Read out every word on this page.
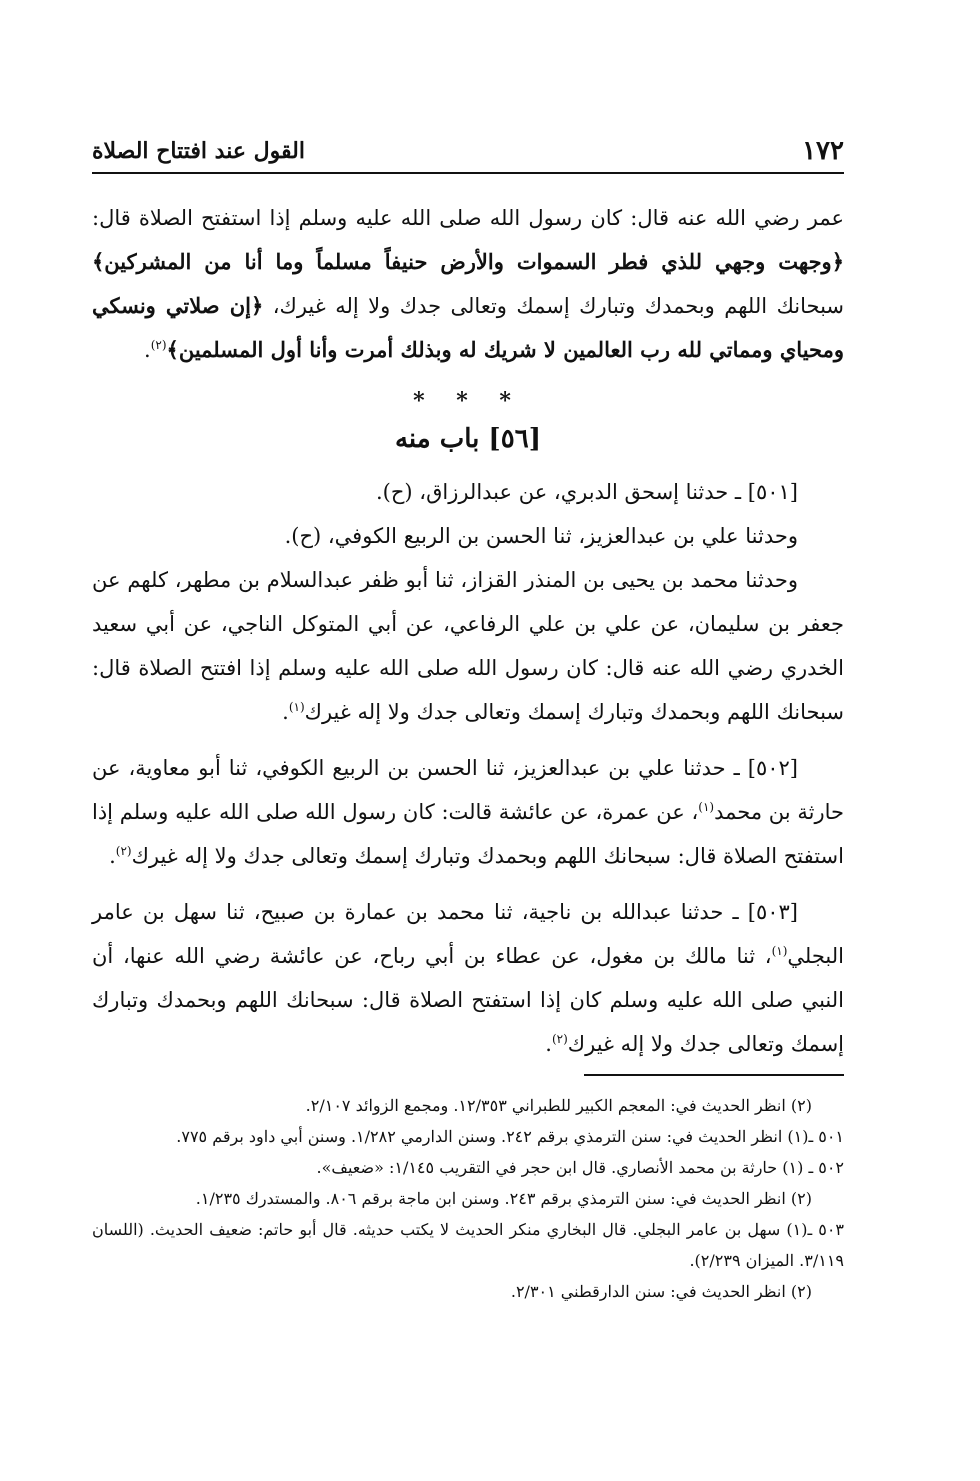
١٧٢
القول عند افتتاح الصلاة

عمر رضي الله عنه قال: كان رسول الله صلى الله عليه وسلم إذا استفتح الصلاة قال: ﴿وجهت وجهي للذي فطر السموات والأرض حنيفاً مسلماً وما أنا من المشركين﴾ سبحانك اللهم وبحمدك وتبارك إسمك وتعالى جدك ولا إله غيرك، ﴿إن صلاتي ونسكي ومحياي ومماتي لله رب العالمين لا شريك له وبذلك أمرت وأنا أول المسلمين﴾$^{(٢)}$.

* * *
[٥٦] باب منه

[٥٠١] ـ حدثنا إسحق الدبري، عن عبدالرزاق، (ح).

وحدثنا علي بن عبدالعزيز، ثنا الحسن بن الربيع الكوفي، (ح).

وحدثنا محمد بن يحيى بن المنذر القزاز، ثنا أبو ظفر عبدالسلام بن مطهر، كلهم عن جعفر بن سليمان، عن علي بن علي الرفاعي، عن أبي المتوكل الناجي، عن أبي سعيد الخدري رضي الله عنه قال: كان رسول الله صلى الله عليه وسلم إذا افتتح الصلاة قال: سبحانك اللهم وبحمدك وتبارك إسمك وتعالى جدك ولا إله غيرك$^{(١)}$.

[٥٠٢] ـ حدثنا علي بن عبدالعزيز، ثنا الحسن بن الربيع الكوفي، ثنا أبو معاوية، عن حارثة بن محمد$^{(١)}$، عن عمرة، عن عائشة قالت: كان رسول الله صلى الله عليه وسلم إذا استفتح الصلاة قال: سبحانك اللهم وبحمدك وتبارك إسمك وتعالى جدك ولا إله غيرك$^{(٢)}$.

[٥٠٣] ـ حدثنا عبدالله بن ناجية، ثنا محمد بن عمارة بن صبيح، ثنا سهل بن عامر البجلي$^{(١)}$، ثنا مالك بن مغول، عن عطاء بن أبي رباح، عن عائشة رضي الله عنها، أن النبي صلى الله عليه وسلم كان إذا استفتح الصلاة قال: سبحانك اللهم وبحمدك وتبارك إسمك وتعالى جدك ولا إله غيرك$^{(٢)}$.

(٢) انظر الحديث في: المعجم الكبير للطبراني ١٢/٣٥٣. ومجمع الزوائد ٢/١٠٧.
٥٠١ ـ(١) انظر الحديث في: سنن الترمذي برقم ٢٤٢. وسنن الدارمي ١/٢٨٢. وسنن أبي داود برقم ٧٧٥.
٥٠٢ ـ (١) حارثة بن محمد الأنصاري. قال ابن حجر في التقريب ١/١٤٥: «ضعيف».
(٢) انظر الحديث في: سنن الترمذي برقم ٢٤٣. وسنن ابن ماجة برقم ٨٠٦. والمستدرك ١/٢٣٥.
٥٠٣ ـ(١) سهل بن عامر البجلي. قال البخاري منكر الحديث لا يكتب حديثه. قال أبو حاتم: ضعيف الحديث. (اللسان ٣/١١٩. الميزان ٢/٢٣٩).
(٢) انظر الحديث في: سنن الدارقطني ٢/٣٠١.
